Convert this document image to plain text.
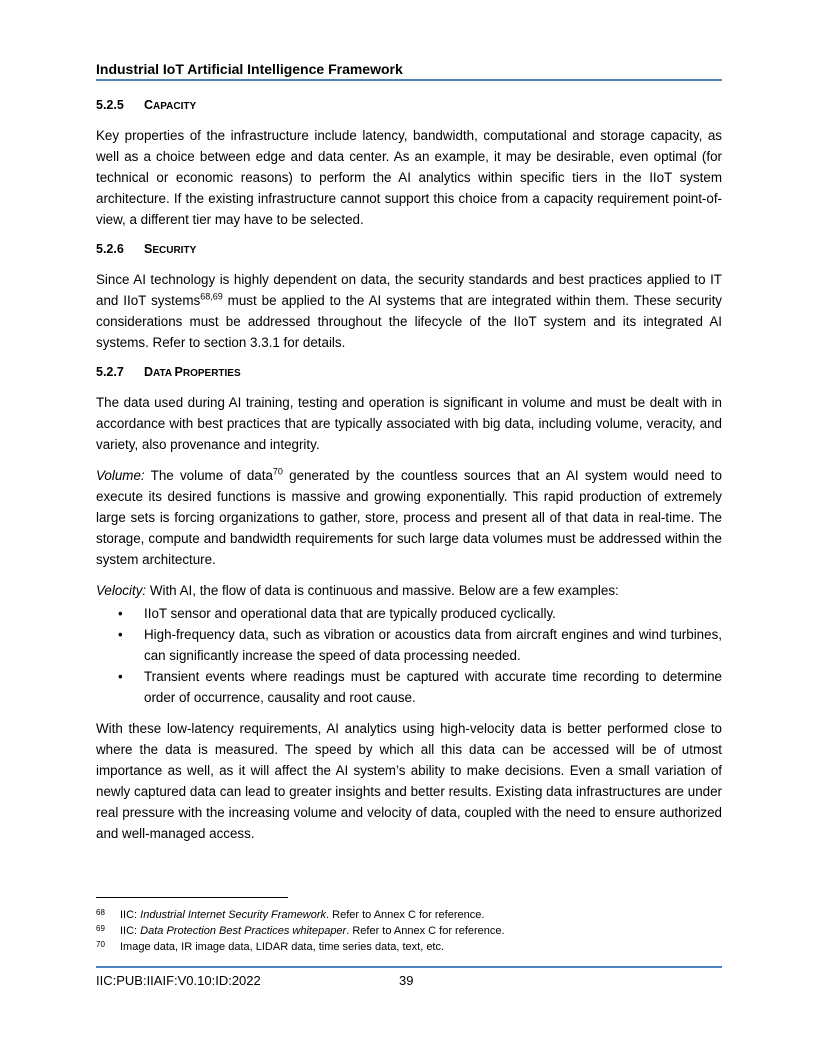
Industrial IoT Artificial Intelligence Framework
5.2.5 CAPACITY

Key properties of the infrastructure include latency, bandwidth, computational and storage capacity, as well as a choice between edge and data center. As an example, it may be desirable, even optimal (for technical or economic reasons) to perform the AI analytics within specific tiers in the IIoT system architecture. If the existing infrastructure cannot support this choice from a capacity requirement point-of-view, a different tier may have to be selected.

5.2.6 SECURITY

Since AI technology is highly dependent on data, the security standards and best practices applied to IT and IIoT systems$^{68,69}$ must be applied to the AI systems that are integrated within them. These security considerations must be addressed throughout the lifecycle of the IIoT system and its integrated AI systems. Refer to section 3.3.1 for details.

5.2.7 DATA PROPERTIES

The data used during AI training, testing and operation is significant in volume and must be dealt with in accordance with best practices that are typically associated with big data, including volume, veracity, and variety, also provenance and integrity.

Volume: The volume of data$^{70}$ generated by the countless sources that an AI system would need to execute its desired functions is massive and growing exponentially. This rapid production of extremely large sets is forcing organizations to gather, store, process and present all of that data in real-time. The storage, compute and bandwidth requirements for such large data volumes must be addressed within the system architecture.

Velocity: With AI, the flow of data is continuous and massive. Below are a few examples:

• IIoT sensor and operational data that are typically produced cyclically.
• High-frequency data, such as vibration or acoustics data from aircraft engines and wind turbines, can significantly increase the speed of data processing needed.
• Transient events where readings must be captured with accurate time recording to determine order of occurrence, causality and root cause.

With these low-latency requirements, AI analytics using high-velocity data is better performed close to where the data is measured. The speed by which all this data can be accessed will be of utmost importance as well, as it will affect the AI system’s ability to make decisions. Even a small variation of newly captured data can lead to greater insights and better results. Existing data infrastructures are under real pressure with the increasing volume and velocity of data, coupled with the need to ensure authorized and well-managed access.

68 IIC: Industrial Internet Security Framework. Refer to Annex C for reference.
69 IIC: Data Protection Best Practices whitepaper. Refer to Annex C for reference.
70 Image data, IR image data, LIDAR data, time series data, text, etc.
IIC:PUB:IIAIF:V0.10:ID:2022	39
